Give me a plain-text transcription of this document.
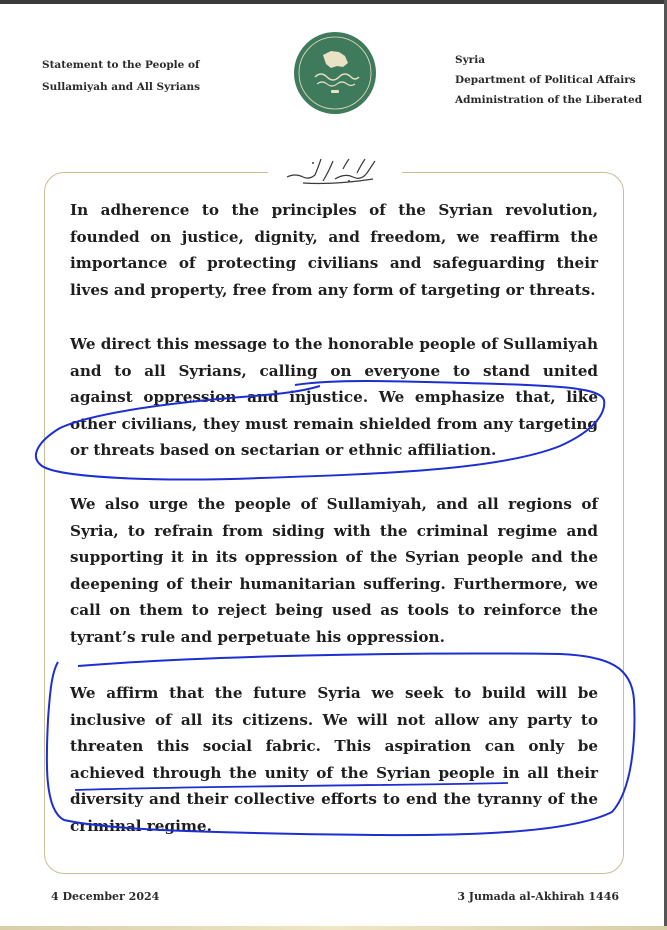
Statement to the People of
Sullamiyah and All Syrians
Syria
Department of Political Affairs
Administration of the Liberated
In adherence to the principles of the Syrian revolution, founded on justice, dignity, and freedom, we reaffirm the importance of protecting civilians and safeguarding their lives and property, free from any form of targeting or threats.
We direct this message to the honorable people of Sullamiyah and to all Syrians, calling on everyone to stand united against oppression and injustice. We emphasize that, like other civilians, they must remain shielded from any targeting or threats based on sectarian or ethnic affiliation.
We also urge the people of Sullamiyah, and all regions of Syria, to refrain from siding with the criminal regime and supporting it in its oppression of the Syrian people and the deepening of their humanitarian suffering. Furthermore, we call on them to reject being used as tools to reinforce the tyrant’s rule and perpetuate his oppression.
We affirm that the future Syria we seek to build will be inclusive of all its citizens. We will not allow any party to threaten this social fabric. This aspiration can only be achieved through the unity of the Syrian people in all their diversity and their collective efforts to end the tyranny of the criminal regime.
4 December 2024	3 Jumada al-Akhirah 1446
